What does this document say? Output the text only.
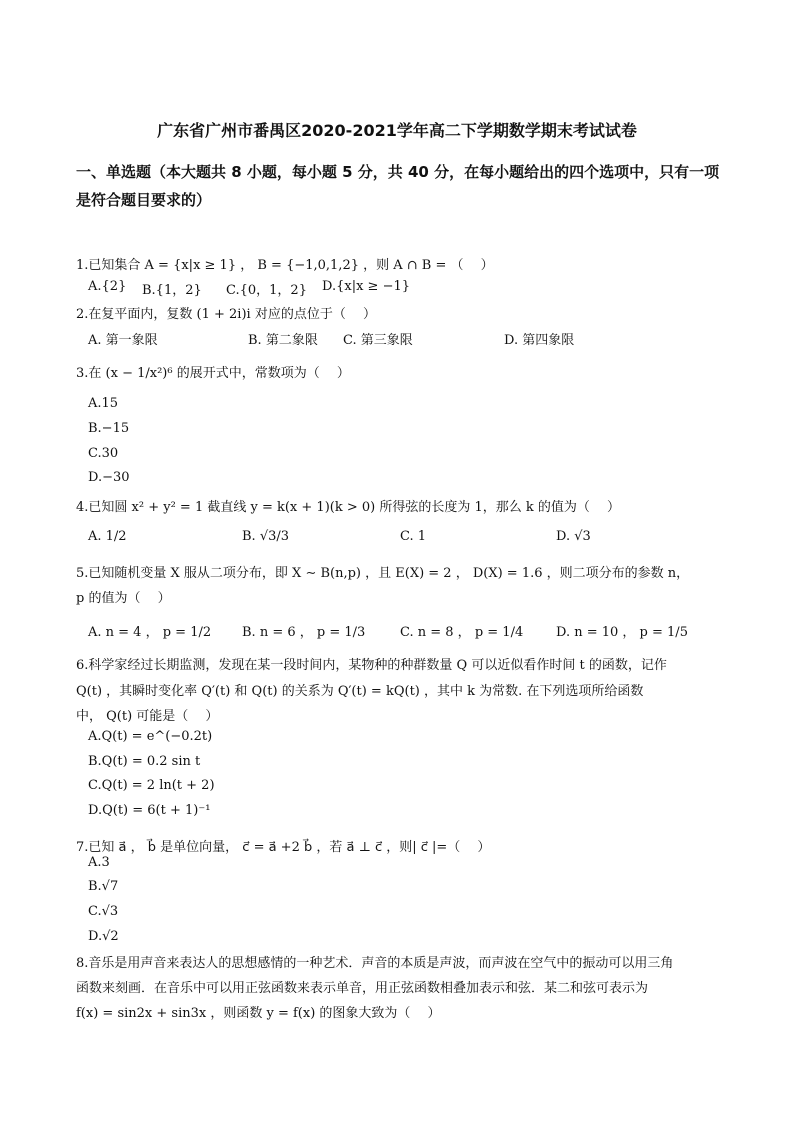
广东省广州市番禺区2020-2021学年高二下学期数学期末考试试卷
一、单选题（本大题共 8 小题，每小题 5 分，共 40 分，在每小题给出的四个选项中，只有一项是符合题目要求的）
1.已知集合 A = {x|x ≥ 1} ， B = {−1,0,1,2} ，则 A ∩ B = （　 ）
A.{2} B.{1，2} C.{0，1，2} D.{x|x ≥ −1}
2.在复平面内，复数 (1 + 2i)i 对应的点位于（　 ）
A. 第一象限	B. 第二象限 C. 第三象限	D. 第四象限
3.在 (x − 1/x²)⁶ 的展开式中，常数项为（　 ）
A.15
B.−15
C.30
D.−30
4.已知圆 x² + y² = 1 截直线 y = k(x + 1)(k > 0) 所得弦的长度为 1，那么 k 的值为（　 ）
A. 1/2	B. √3/3	C. 1	D. √3
5.已知随机变量 X 服从二项分布，即 X ∼ B(n,p) ，且 E(X) = 2 ， D(X) = 1.6 ，则二项分布的参数 n，
p 的值为（　 ）
A. n = 4 ， p = 1/2 B. n = 6 ， p = 1/3	C. n = 8 ， p = 1/4	D. n = 10 ， p = 1/5
6.科学家经过长期监测，发现在某一段时间内，某物种的种群数量 Q 可以近似看作时间 t 的函数，记作
Q(t) ，其瞬时变化率 Q′(t) 和 Q(t) 的关系为 Q′(t) = kQ(t) ，其中 k 为常数. 在下列选项所给函数
中， Q(t) 可能是（　 ）
A.Q(t) = e^(−0.2t)
B.Q(t) = 0.2 sin t
C.Q(t) = 2 ln(t + 2)
D.Q(t) = 6(t + 1)⁻¹
7.已知 a⃗ ， b⃗ 是单位向量， c⃗ = a⃗ +2 b⃗ ，若 a⃗ ⊥ c⃗ ，则| c⃗ |=（　 ）
A.3
B.√7
C.√3
D.√2
8.音乐是用声音来表达人的思想感情的一种艺术．声音的本质是声波，而声波在空气中的振动可以用三角
函数来刻画．在音乐中可以用正弦函数来表示单音，用正弦函数相叠加表示和弦．某二和弦可表示为
f(x) = sin2x + sin3x ，则函数 y = f(x) 的图象大致为（　 ）
